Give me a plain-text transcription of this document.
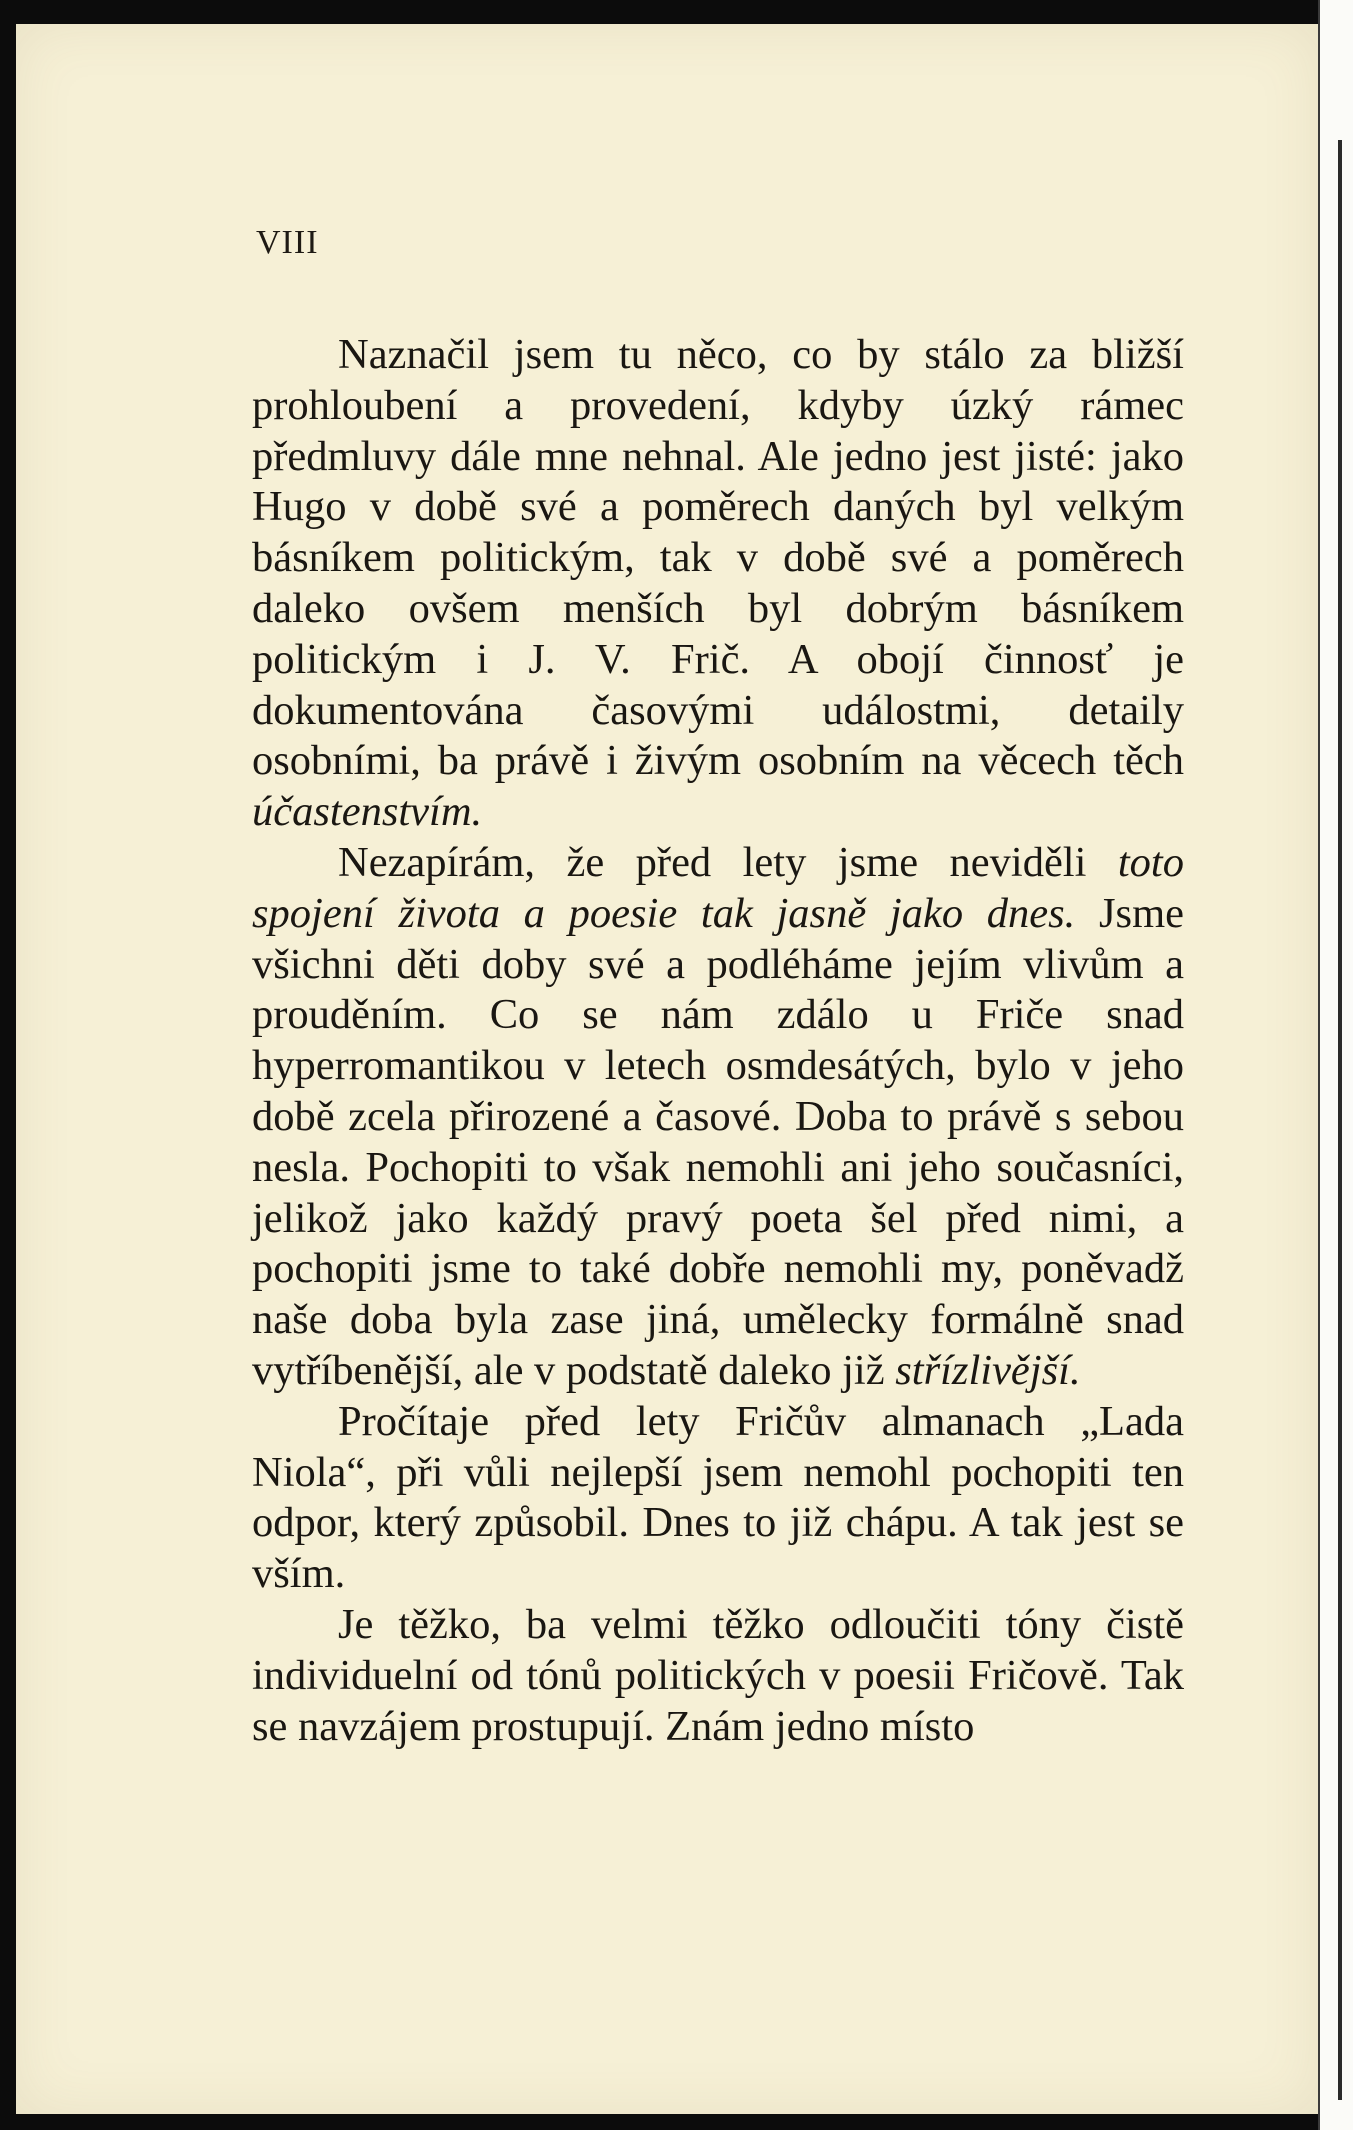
VIII

Naznačil jsem tu něco, co by stálo za bližší prohloubení a provedení, kdyby úzký rámec předmluvy dále mne nehnal. Ale jedno jest jisté: jako Hugo v době své a poměrech daných byl velkým básníkem politickým, tak v době své a poměrech daleko ovšem menších byl dobrým básníkem politickým i J. V. Frič. A obojí činnosť je dokumentována časovými událostmi, detaily osobními, ba právě i živým osobním na věcech těch účastenstvím.

Nezapírám, že před lety jsme neviděli toto spojení života a poesie tak jasně jako dnes. Jsme všichni děti doby své a podléháme jejím vlivům a prouděním. Co se nám zdálo u Friče snad hyperromantikou v letech osmdesátých, bylo v jeho době zcela přirozené a časové. Doba to právě s sebou nesla. Pochopiti to však nemohli ani jeho současníci, jelikož jako každý pravý poeta šel před nimi, a pochopiti jsme to také dobře nemohli my, poněvadž naše doba byla zase jiná, umělecky formálně snad vytříbenější, ale v podstatě daleko již střízlivější.

Pročítaje před lety Fričův almanach „Lada Niola“, při vůli nejlepší jsem nemohl pochopiti ten odpor, který způsobil. Dnes to již chápu. A tak jest se vším.

Je těžko, ba velmi těžko odloučiti tóny čistě individuelní od tónů politických v poesii Fričově. Tak se navzájem prostupují. Znám jedno místo
